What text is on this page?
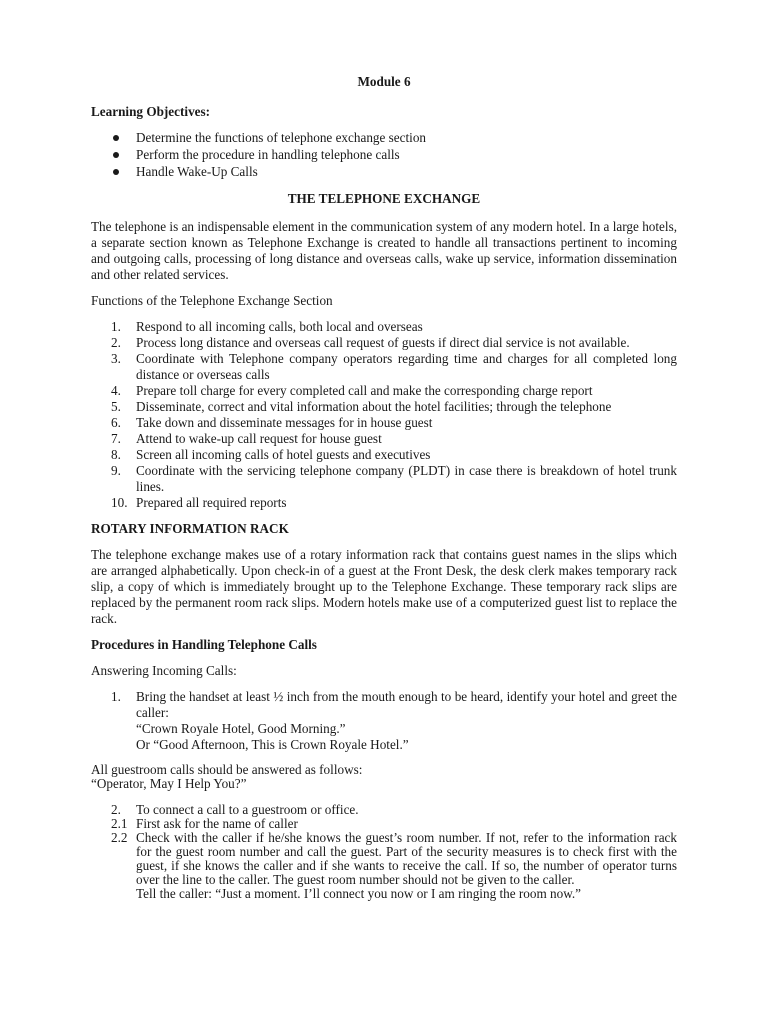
Module 6
Learning Objectives:
Determine the functions of telephone exchange section
Perform the procedure in handling telephone calls
Handle Wake-Up Calls
THE TELEPHONE EXCHANGE

The telephone is an indispensable element in the communication system of any modern hotel. In a large hotels, a separate section known as Telephone Exchange is created to handle all transactions pertinent to incoming and outgoing calls, processing of long distance and overseas calls, wake up service, information dissemination and other related services.

Functions of the Telephone Exchange Section
1.	Respond to all incoming calls, both local and overseas
2.	Process long distance and overseas call request of guests if direct dial service is not available.
3.	Coordinate with Telephone company operators regarding time and charges for all completed long distance or overseas calls
4.	Prepare toll charge for every completed call and make the corresponding charge report
5.	Disseminate, correct and vital information about the hotel facilities; through the telephone
6.	Take down and disseminate messages for in house guest
7.	Attend to wake-up call request for house guest
8.	Screen all incoming calls of hotel guests and executives
9.	Coordinate with the servicing telephone company (PLDT) in case there is breakdown of hotel trunk lines.
10. Prepared all required reports
ROTARY INFORMATION RACK

The telephone exchange makes use of a rotary information rack that contains guest names in the slips which are arranged alphabetically. Upon check-in of a guest at the Front Desk, the desk clerk makes temporary rack slip, a copy of which is immediately brought up to the Telephone Exchange. These temporary rack slips are replaced by the permanent room rack slips. Modern hotels make use of a computerized guest list to replace the rack.

Procedures in Handling Telephone Calls
Answering Incoming Calls:
1. Bring the handset at least ½ inch from the mouth enough to be heard, identify your hotel and greet the caller:
“Crown Royale Hotel, Good Morning.”
Or “Good Afternoon, This is Crown Royale Hotel.”
All guestroom calls should be answered as follows:
“Operator, May I Help You?”
2. To connect a call to a guestroom or office.
2.1 First ask for the name of caller
2.2 Check with the caller if he/she knows the guest’s room number. If not, refer to the information rack for the guest room number and call the guest. Part of the security measures is to check first with the guest, if she knows the caller and if she wants to receive the call. If so, the number of operator turns over the line to the caller. The guest room number should not be given to the caller.
Tell the caller: “Just a moment. I’ll connect you now or I am ringing the room now.”
